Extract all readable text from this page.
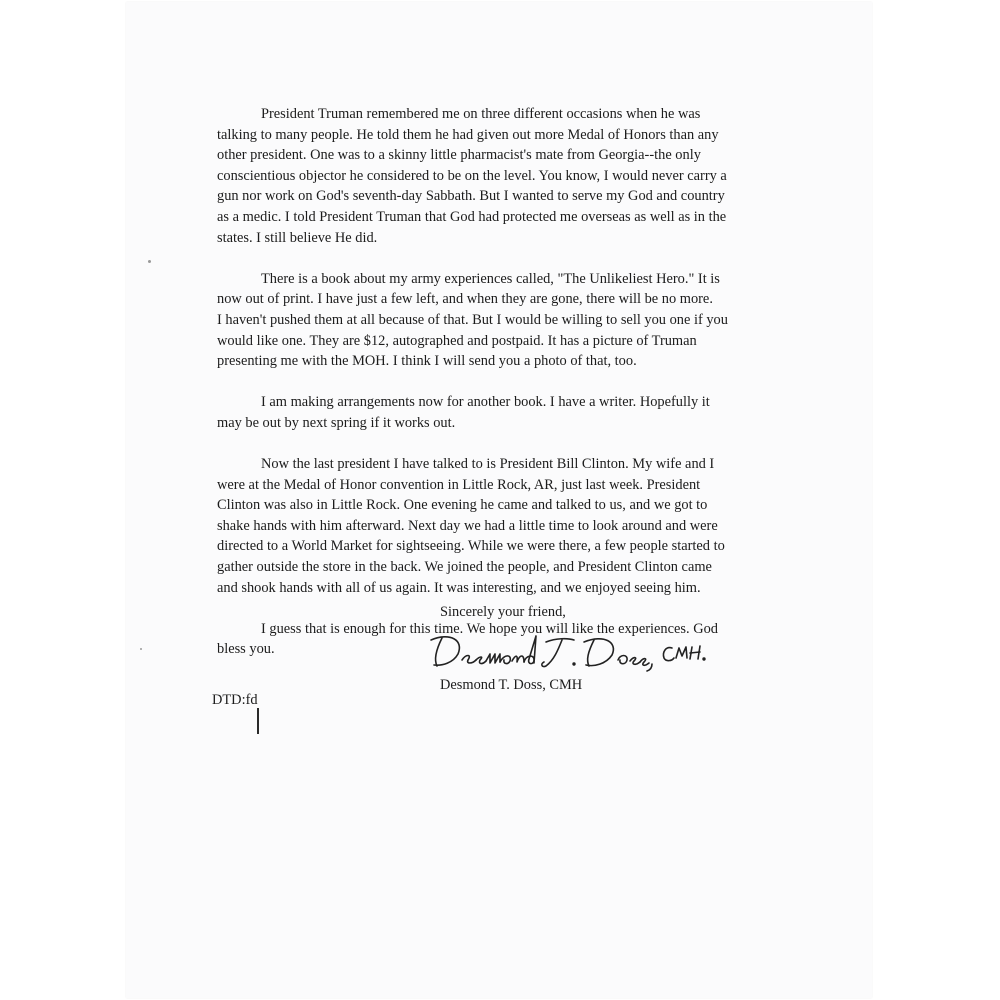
President Truman remembered me on three different occasions when he was
talking to many people. He told them he had given out more Medal of Honors than any
other president. One was to a skinny little pharmacist's mate from Georgia--the only
conscientious objector he considered to be on the level. You know, I would never carry a
gun nor work on God's seventh-day Sabbath. But I wanted to serve my God and country
as a medic. I told President Truman that God had protected me overseas as well as in the
states. I still believe He did.

There is a book about my army experiences called, "The Unlikeliest Hero." It is
now out of print. I have just a few left, and when they are gone, there will be no more.
I haven't pushed them at all because of that. But I would be willing to sell you one if you
would like one. They are $12, autographed and postpaid. It has a picture of Truman
presenting me with the MOH. I think I will send you a photo of that, too.

I am making arrangements now for another book. I have a writer. Hopefully it
may be out by next spring if it works out.

Now the last president I have talked to is President Bill Clinton. My wife and I
were at the Medal of Honor convention in Little Rock, AR, just last week. President
Clinton was also in Little Rock. One evening he came and talked to us, and we got to
shake hands with him afterward. Next day we had a little time to look around and were
directed to a World Market for sightseeing. While we were there, a few people started to
gather outside the store in the back. We joined the people, and President Clinton came
and shook hands with all of us again. It was interesting, and we enjoyed seeing him.

I guess that is enough for this time. We hope you will like the experiences. God
bless you.

Sincerely your friend,
Desmond T. Doss, CMH
DTD:fd
